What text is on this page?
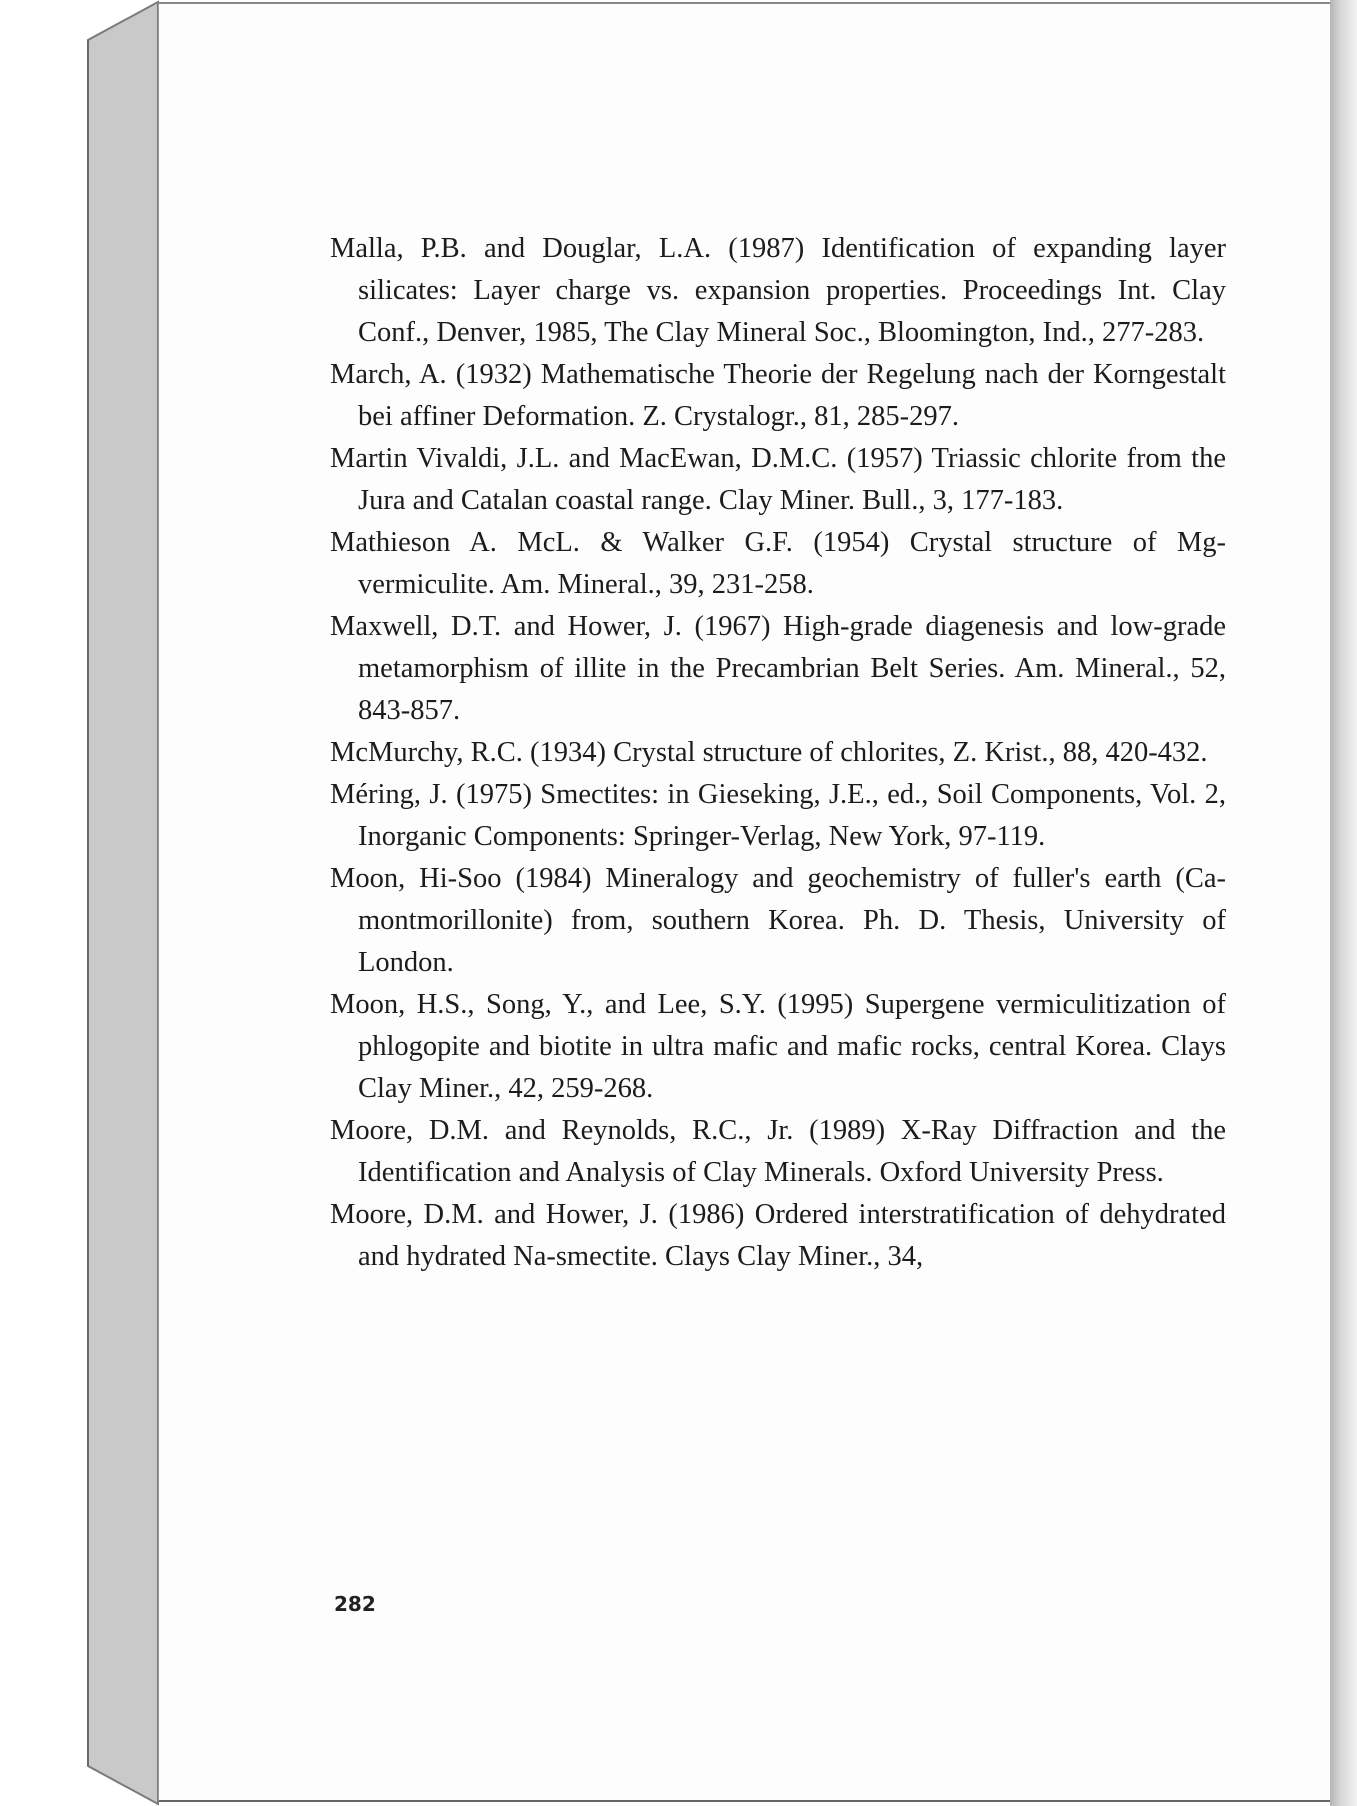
Malla, P.B. and Douglar, L.A. (1987) Identification of expanding layer silicates: Layer charge vs. expansion properties. Proceedings Int. Clay Conf., Denver, 1985, The Clay Mineral Soc., Bloomington, Ind., 277-283.
March, A. (1932) Mathematische Theorie der Regelung nach der Korngestalt bei affiner Deformation. Z. Crystalogr., 81, 285-297.
Martin Vivaldi, J.L. and MacEwan, D.M.C. (1957) Triassic chlorite from the Jura and Catalan coastal range. Clay Miner. Bull., 3, 177-183.
Mathieson A. McL. & Walker G.F. (1954) Crystal structure of Mg-vermiculite. Am. Mineral., 39, 231-258.
Maxwell, D.T. and Hower, J. (1967) High-grade diagenesis and low-grade metamorphism of illite in the Precambrian Belt Series. Am. Mineral., 52, 843-857.
McMurchy, R.C. (1934) Crystal structure of chlorites, Z. Krist., 88, 420-432.
Méring, J. (1975) Smectites: in Gieseking, J.E., ed., Soil Components, Vol. 2, Inorganic Components: Springer-Verlag, New York, 97-119.
Moon, Hi-Soo (1984) Mineralogy and geochemistry of fuller's earth (Ca-montmorillonite) from, southern Korea. Ph. D. Thesis, University of London.
Moon, H.S., Song, Y., and Lee, S.Y. (1995) Supergene vermiculitization of phlogopite and biotite in ultra mafic and mafic rocks, central Korea. Clays Clay Miner., 42, 259-268.
Moore, D.M. and Reynolds, R.C., Jr. (1989) X-Ray Diffraction and the Identification and Analysis of Clay Minerals. Oxford University Press.
Moore, D.M. and Hower, J. (1986) Ordered interstratification of dehydrated and hydrated Na-smectite. Clays Clay Miner., 34,
282
